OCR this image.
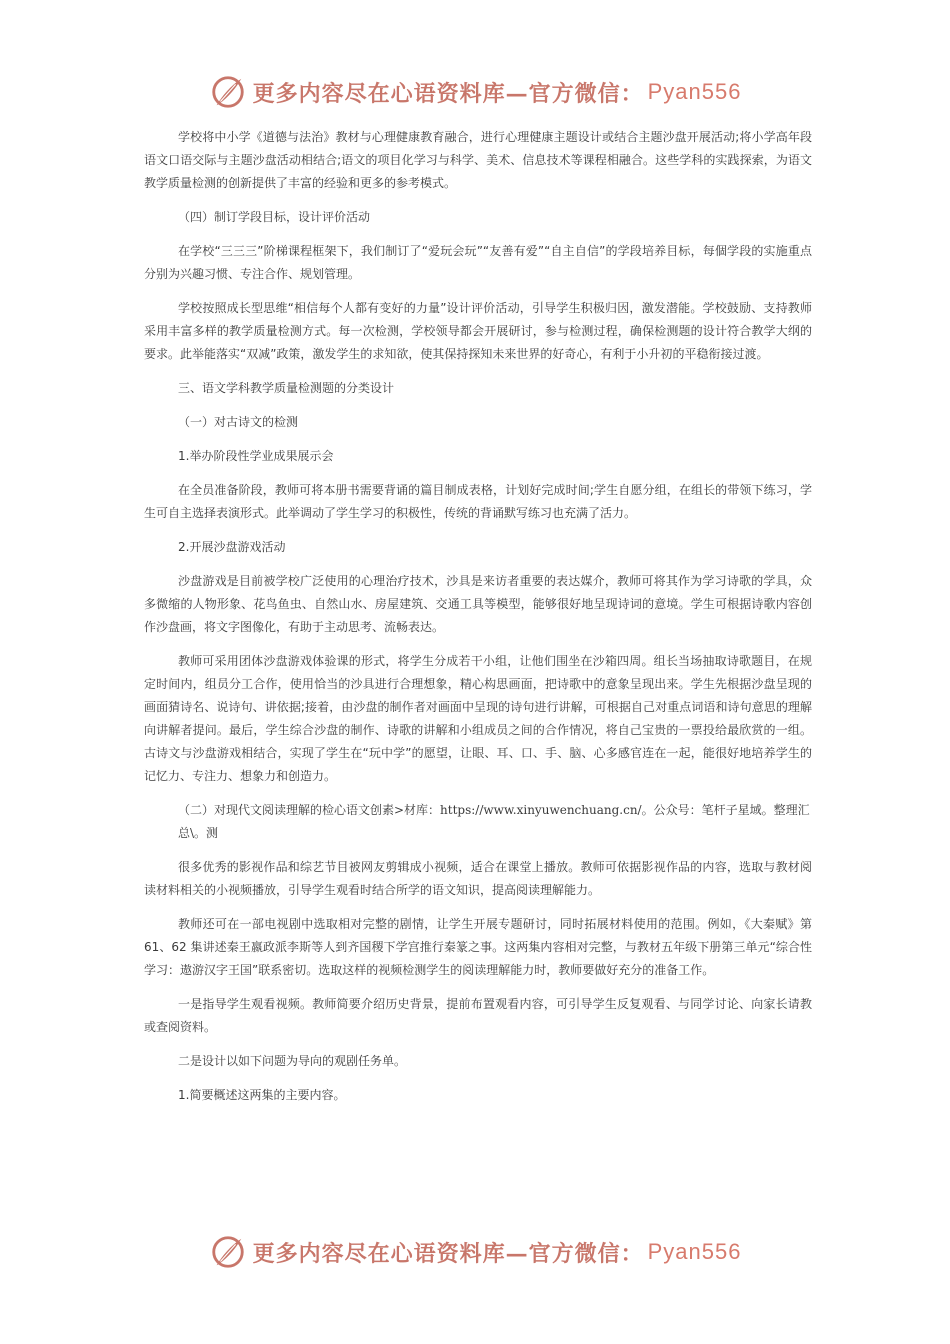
更多内容尽在心语资料库—官方微信： Pyan556

学校将中小学《道德与法治》教材与心理健康教育融合，进行心理健康主题设计或结合主题沙盘开展活动;将小学高年段语文口语交际与主题沙盘活动相结合;语文的项目化学习与科学、美术、信息技术等课程相融合。这些学科的实践探索，为语文教学质量检测的创新提供了丰富的经验和更多的参考模式。

（四）制订学段目标，设计评价活动

在学校“三三三”阶梯课程框架下，我们制订了“爱玩会玩”“友善有爱”“自主自信”的学段培养目标，每個学段的实施重点分别为兴趣习惯、专注合作、规划管理。

学校按照成长型思维“相信每个人都有变好的力量”设计评价活动，引导学生积极归因，激发潜能。学校鼓励、支持教师采用丰富多样的教学质量检测方式。每一次检测，学校领导都会开展研讨，参与检测过程，确保检测题的设计符合教学大纲的要求。此举能落实“双减”政策，激发学生的求知欲，使其保持探知未来世界的好奇心，有利于小升初的平稳衔接过渡。

三、语文学科教学质量检测题的分类设计
（一）对古诗文的检测
1.举办阶段性学业成果展示会

在全员准备阶段，教师可将本册书需要背诵的篇目制成表格，计划好完成时间;学生自愿分组，在组长的带领下练习，学生可自主选择表演形式。此举调动了学生学习的积极性，传统的背诵默写练习也充满了活力。

2.开展沙盘游戏活动

沙盘游戏是目前被学校广泛使用的心理治疗技术，沙具是来访者重要的表达媒介，教师可将其作为学习诗歌的学具，众多微缩的人物形象、花鸟鱼虫、自然山水、房屋建筑、交通工具等模型，能够很好地呈现诗词的意境。学生可根据诗歌内容创作沙盘画，将文字图像化，有助于主动思考、流畅表达。

教师可采用团体沙盘游戏体验课的形式，将学生分成若干小组，让他们围坐在沙箱四周。组长当场抽取诗歌题目，在规定时间内，组员分工合作，使用恰当的沙具进行合理想象，精心构思画面，把诗歌中的意象呈现出来。学生先根据沙盘呈现的画面猜诗名、说诗句、讲依据;接着，由沙盘的制作者对画面中呈现的诗句进行讲解，可根据自己对重点词语和诗句意思的理解向讲解者提问。最后，学生综合沙盘的制作、诗歌的讲解和小组成员之间的合作情况，将自己宝贵的一票投给最欣赏的一组。古诗文与沙盘游戏相结合，实现了学生在“玩中学”的愿望，让眼、耳、口、手、脑、心多感官连在一起，能很好地培养学生的记忆力、专注力、想象力和创造力。

（二）对现代文阅读理解的检心语文创素>材库：https://www.xinyuwenchuang.cn/。公众号：笔杆子星域。整理汇总\。测

很多优秀的影视作品和综艺节目被网友剪辑成小视频，适合在课堂上播放。教师可依据影视作品的内容，选取与教材阅读材料相关的小视频播放，引导学生观看时结合所学的语文知识，提高阅读理解能力。

教师还可在一部电视剧中选取相对完整的剧情，让学生开展专题研讨，同时拓展材料使用的范围。例如，《大秦赋》第 61、62 集讲述秦王嬴政派李斯等人到齐国稷下学宫推行秦篆之事。这两集内容相对完整，与教材五年级下册第三单元“综合性学习：遨游汉字王国”联系密切。选取这样的视频检测学生的阅读理解能力时，教师要做好充分的准备工作。

一是指导学生观看视频。教师简要介绍历史背景，提前布置观看内容，可引导学生反复观看、与同学讨论、向家长请教或查阅资料。

二是设计以如下问题为导向的观剧任务单。
1.简要概述这两集的主要内容。
更多内容尽在心语资料库—官方微信： Pyan556
